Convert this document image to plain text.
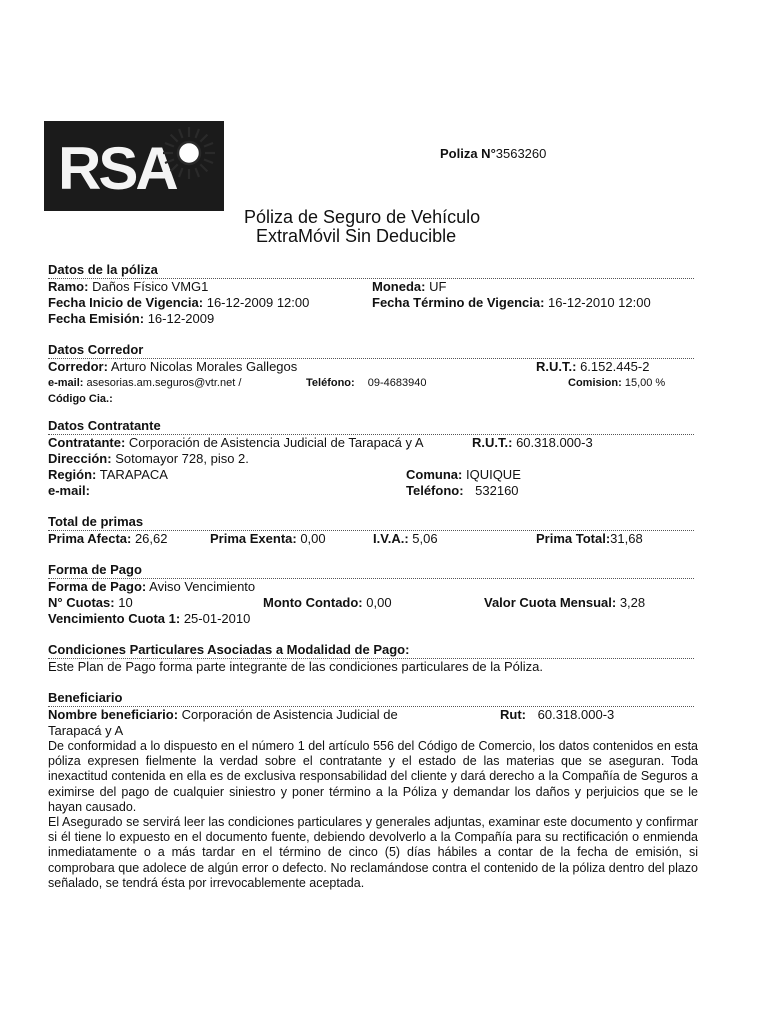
RSA	Poliza N°3563260
Póliza de Seguro de Vehículo
ExtraMóvil Sin Deducible
Datos de la póliza
Ramo: Daños Físico VMG1	Moneda: UF
Fecha Inicio de Vigencia: 16-12-2009 12:00	Fecha Término de Vigencia: 16-12-2010 12:00
Fecha Emisión: 16-12-2009
Datos Corredor
Corredor: Arturo Nicolas Morales Gallegos	R.U.T.: 6.152.445-2
e-mail: asesorias.am.seguros@vtr.net /	Teléfono: 09-4683940	Comision: 15,00 %
Código Cia.:
Datos Contratante
Contratante: Corporación de Asistencia Judicial de Tarapacá y A	R.U.T.: 60.318.000-3
Dirección: Sotomayor 728, piso 2.
Región: TARAPACA	Comuna: IQUIQUE
e-mail:	Teléfono: 532160
Total de primas
Prima Afecta: 26,62	Prima Exenta: 0,00	I.V.A.: 5,06	Prima Total:31,68
Forma de Pago
Forma de Pago: Aviso Vencimiento
N° Cuotas: 10	Monto Contado: 0,00	Valor Cuota Mensual: 3,28
Vencimiento Cuota 1: 25-01-2010
Condiciones Particulares Asociadas a Modalidad de Pago:
Este Plan de Pago forma parte integrante de las condiciones particulares de la Póliza.
Beneficiario
Nombre beneficiario: Corporación de Asistencia Judicial de	Rut: 60.318.000-3
Tarapacá y A
De conformidad a lo dispuesto en el número 1 del artículo 556 del Código de Comercio, los datos contenidos en esta póliza expresen fielmente la verdad sobre el contratante y el estado de las materias que se aseguran. Toda inexactitud contenida en ella es de exclusiva responsabilidad del cliente y dará derecho a la Compañía de Seguros a eximirse del pago de cualquier siniestro y poner término a la Póliza y demandar los daños y perjuicios que se le hayan causado.
El Asegurado se servirá leer las condiciones particulares y generales adjuntas, examinar este documento y confirmar si él tiene lo expuesto en el documento fuente, debiendo devolverlo a la Compañía para su rectificación o enmienda inmediatamente o a más tardar en el término de cinco (5) días hábiles a contar de la fecha de emisión, si comprobara que adolece de algún error o defecto. No reclamándose contra el contenido de la póliza dentro del plazo señalado, se tendrá ésta por irrevocablemente aceptada.
